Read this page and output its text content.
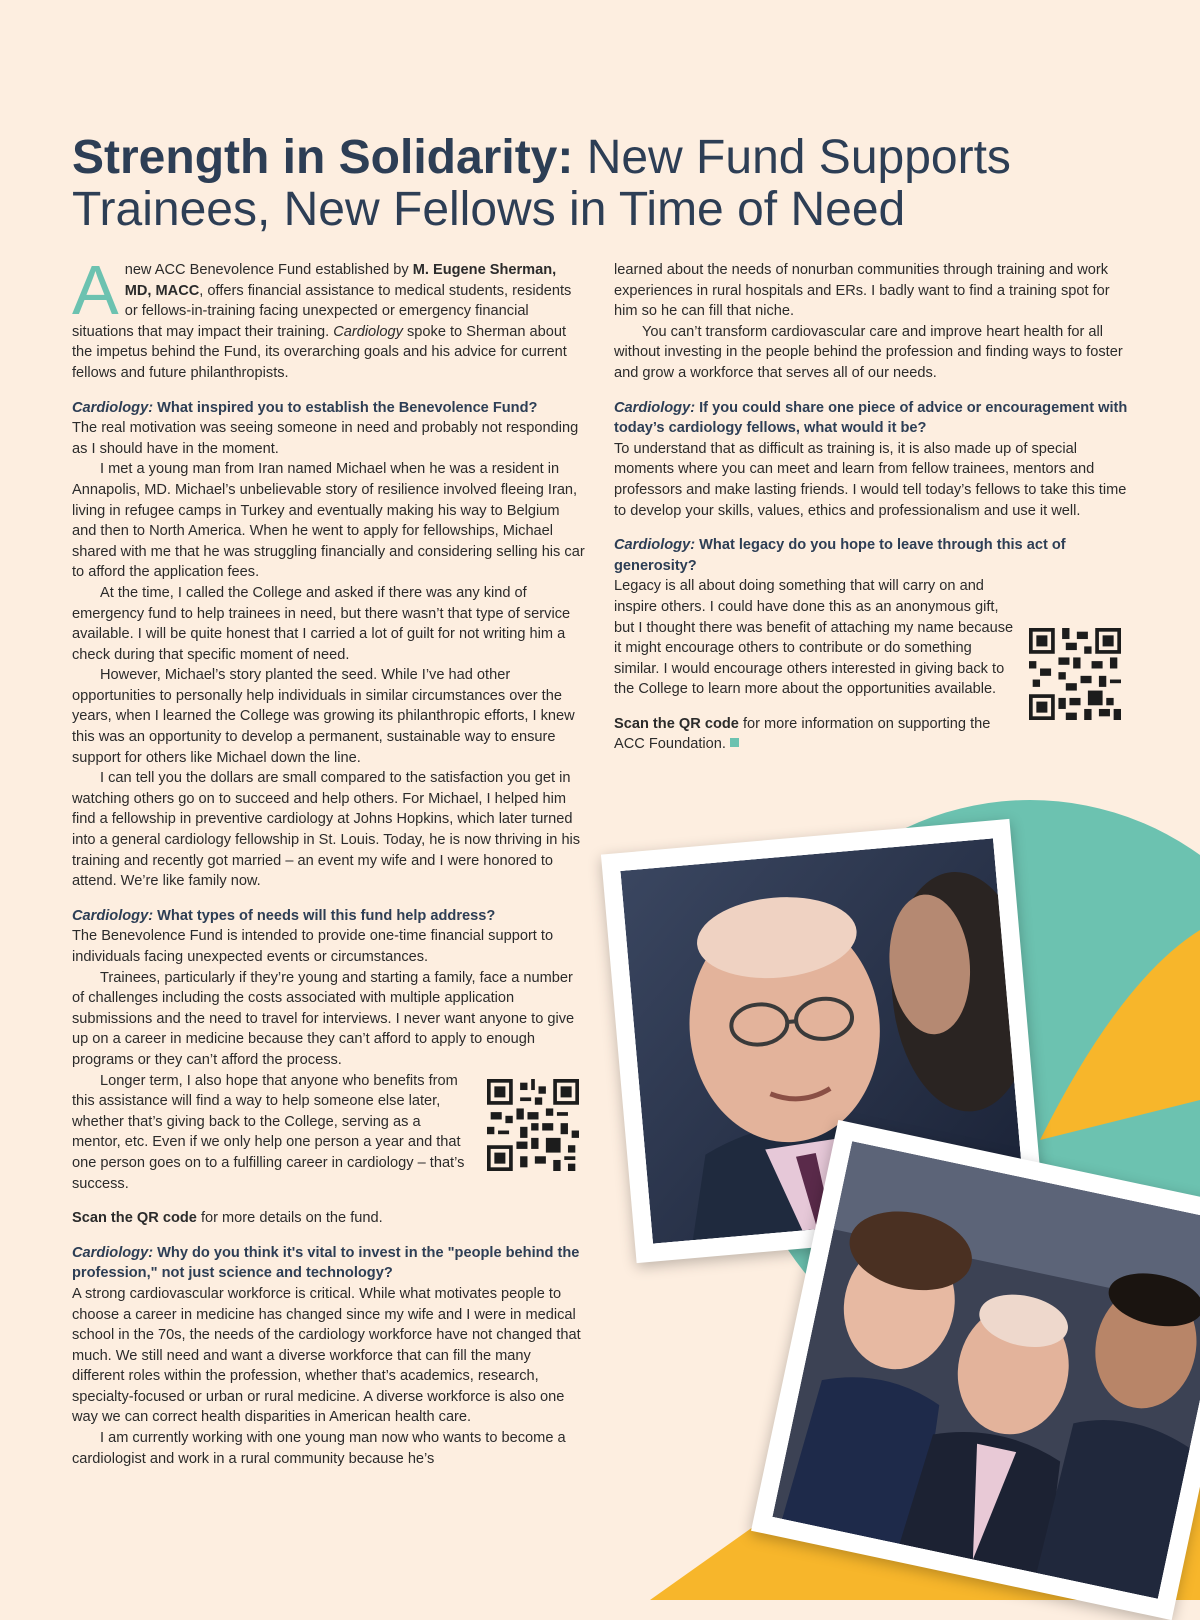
Strength in Solidarity: New Fund Supports Trainees, New Fellows in Time of Need

Anew ACC Benevolence Fund established by M. Eugene Sherman, MD, MACC, offers financial assistance to medical students, residents or fellows-in-training facing unexpected or emergency financial situations that may impact their training. Cardiology spoke to Sherman about the impetus behind the Fund, its overarching goals and his advice for current fellows and future philanthropists.

Cardiology: What inspired you to establish the Benevolence Fund?

The real motivation was seeing someone in need and probably not responding as I should have in the moment.

I met a young man from Iran named Michael when he was a resident in Annapolis, MD. Michael’s unbelievable story of resilience involved fleeing Iran, living in refugee camps in Turkey and eventually making his way to Belgium and then to North America. When he went to apply for fellowships, Michael shared with me that he was struggling financially and considering selling his car to afford the application fees.

At the time, I called the College and asked if there was any kind of emergency fund to help trainees in need, but there wasn’t that type of service available. I will be quite honest that I carried a lot of guilt for not writing him a check during that specific moment of need.

However, Michael’s story planted the seed. While I’ve had other opportunities to personally help individuals in similar circumstances over the years, when I learned the College was growing its philanthropic efforts, I knew this was an opportunity to develop a permanent, sustainable way to ensure support for others like Michael down the line.

I can tell you the dollars are small compared to the satisfaction you get in watching others go on to succeed and help others. For Michael, I helped him find a fellowship in preventive cardiology at Johns Hopkins, which later turned into a general cardiology fellowship in St. Louis. Today, he is now thriving in his training and recently got married – an event my wife and I were honored to attend. We’re like family now.

Cardiology: What types of needs will this fund help address?

The Benevolence Fund is intended to provide one-time financial support to individuals facing unexpected events or circumstances.

Trainees, particularly if they’re young and starting a family, face a number of challenges including the costs associated with multiple application submissions and the need to travel for interviews. I never want anyone to give up on a career in medicine because they can’t afford to apply to enough programs or they can’t afford the process.

Longer term, I also hope that anyone who benefits from this assistance will find a way to help someone else later, whether that’s giving back to the College, serving as a mentor, etc. Even if we only help one person a year and that one person goes on to a fulfilling career in cardiology – that’s success.

Scan the QR code for more details on the fund.

Cardiology: Why do you think it's vital to invest in the "people behind the profession," not just science and technology?

A strong cardiovascular workforce is critical. While what motivates people to choose a career in medicine has changed since my wife and I were in medical school in the 70s, the needs of the cardiology workforce have not changed that much. We still need and want a diverse workforce that can fill the many different roles within the profession, whether that’s academics, research, specialty-focused or urban or rural medicine. A diverse workforce is also one way we can correct health disparities in American health care.

I am currently working with one young man now who wants to become a cardiologist and work in a rural community because he’s

learned about the needs of nonurban communities through training and work experiences in rural hospitals and ERs. I badly want to find a training spot for him so he can fill that niche.

You can’t transform cardiovascular care and improve heart health for all without investing in the people behind the profession and finding ways to foster and grow a workforce that serves all of our needs.

Cardiology: If you could share one piece of advice or encouragement with today’s cardiology fellows, what would it be?

To understand that as difficult as training is, it is also made up of special moments where you can meet and learn from fellow trainees, mentors and professors and make lasting friends. I would tell today’s fellows to take this time to develop your skills, values, ethics and professionalism and use it well.

Cardiology: What legacy do you hope to leave through this act of generosity?

Legacy is all about doing something that will carry on and inspire others. I could have done this as an anonymous gift, but I thought there was benefit of attaching my name because it might encourage others to contribute or do something similar. I would encourage others interested in giving back to the College to learn more about the opportunities available.

Scan the QR code for more information on supporting the ACC Foundation.
